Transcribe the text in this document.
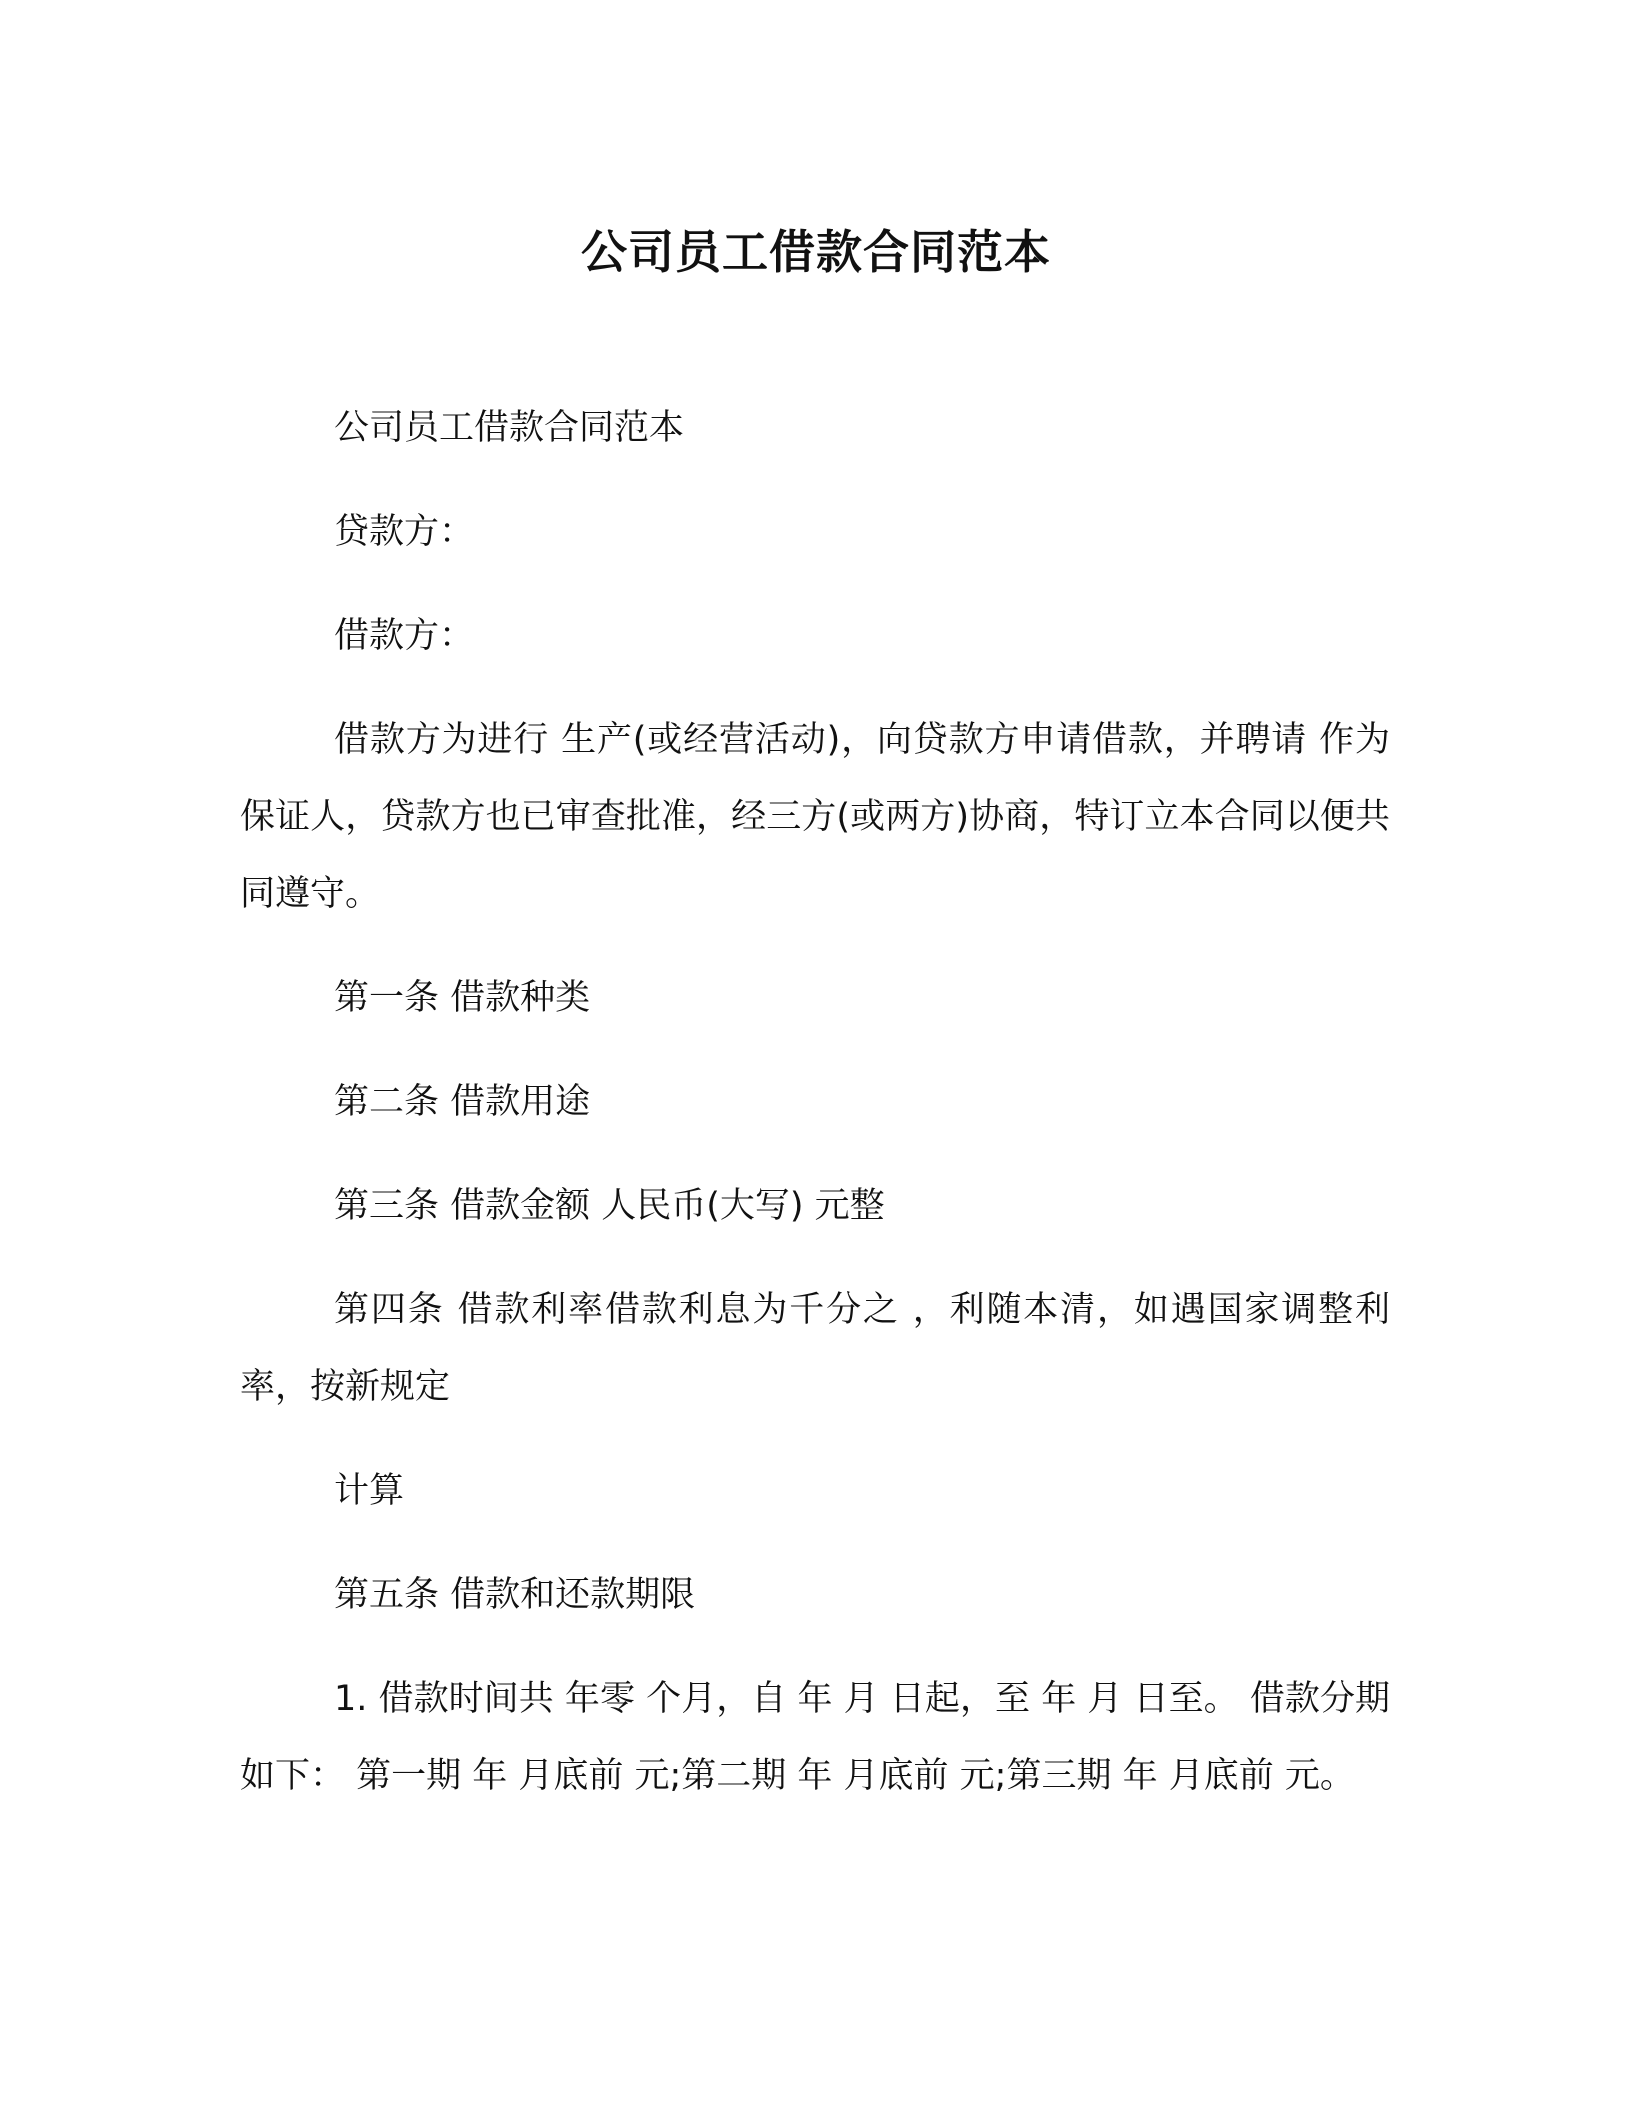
公司员工借款合同范本

公司员工借款合同范本

贷款方：

借款方：

借款方为进行 生产(或经营活动)，向贷款方申请借款，并聘请 作为保证人，贷款方也已审查批准，经三方(或两方)协商，特订立本合同以便共同遵守。

第一条 借款种类

第二条 借款用途

第三条 借款金额 人民币(大写) 元整

第四条 借款利率借款利息为千分之 ，利随本清，如遇国家调整利率，按新规定

计算

第五条 借款和还款期限

1. 借款时间共 年零 个月，自 年 月 日起，至 年 月 日至。 借款分期如下： 第一期 年 月底前 元;第二期 年 月底前 元;第三期 年 月底前 元。
